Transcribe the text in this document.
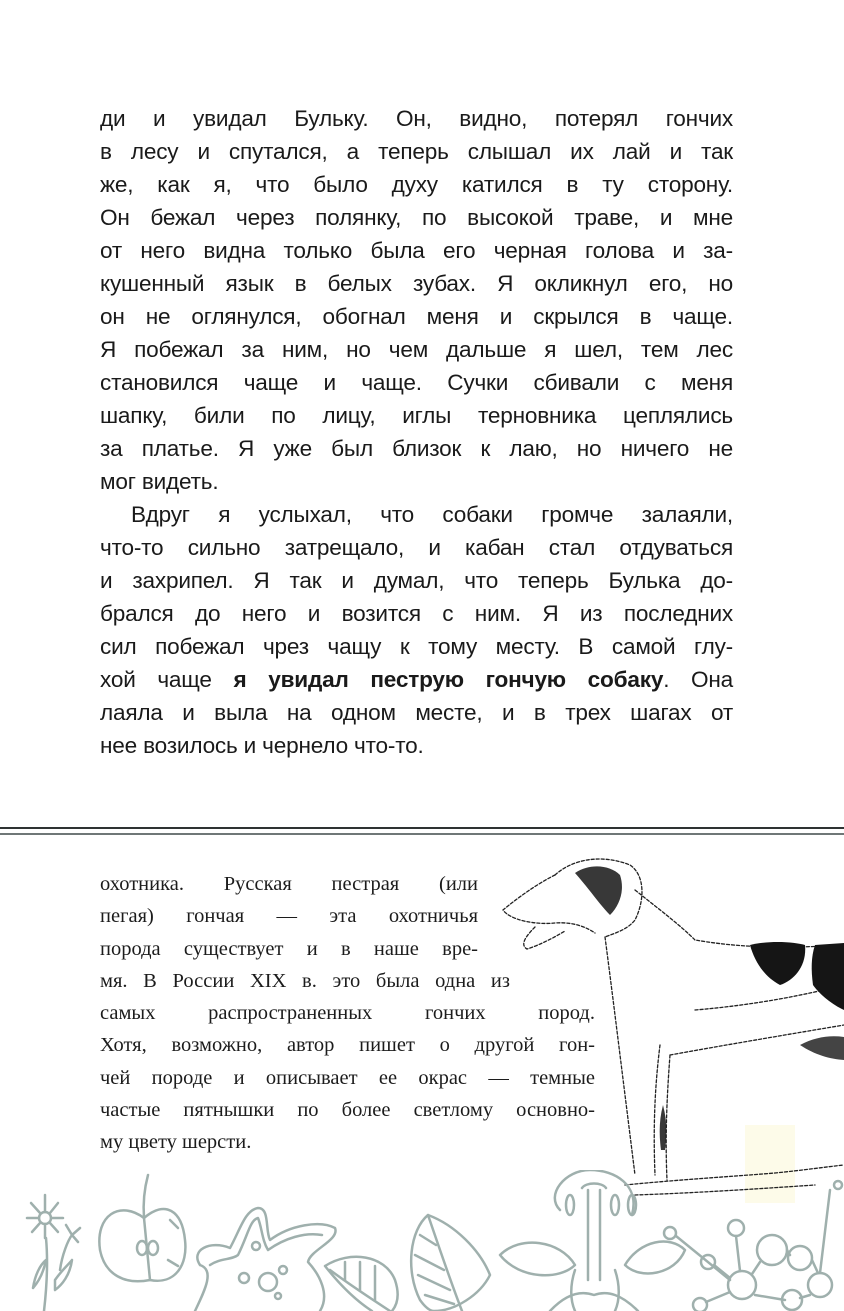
ди и увидал Бульку. Он, видно, потерял гончих
в лесу и спутался, а теперь слышал их лай и так
же, как я, что было духу катился в ту сторону.
Он бежал через полянку, по высокой траве, и мне
от него видна только была его черная голова и за-
кушенный язык в белых зубах. Я окликнул его, но
он не оглянулся, обогнал меня и скрылся в чаще.
Я побежал за ним, но чем дальше я шел, тем лес
становился чаще и чаще. Сучки сбивали с меня
шапку, били по лицу, иглы терновника цеплялись
за платье. Я уже был близок к лаю, но ничего не
мог видеть.
Вдруг я услыхал, что собаки громче залаяли,
что-то сильно затрещало, и кабан стал отдуваться
и захрипел. Я так и думал, что теперь Булька до-
брался до него и возится с ним. Я из последних
сил побежал чрез чащу к тому месту. В самой глу-
хой чаще я увидал пеструю гончую собаку. Она
лаяла и выла на одном месте, и в трех шагах от
нее возилось и чернело что-то.
охотника. Русская пестрая (или
пегая) гончая — эта охотничья
порода существует и в наше вре-
мя. В России XIX в. это была одна из
самых распространенных гончих пород.
Хотя, возможно, автор пишет о другой гон-
чей породе и описывает ее окрас — темные
частые пятнышки по более светлому основно-
му цвету шерсти.
